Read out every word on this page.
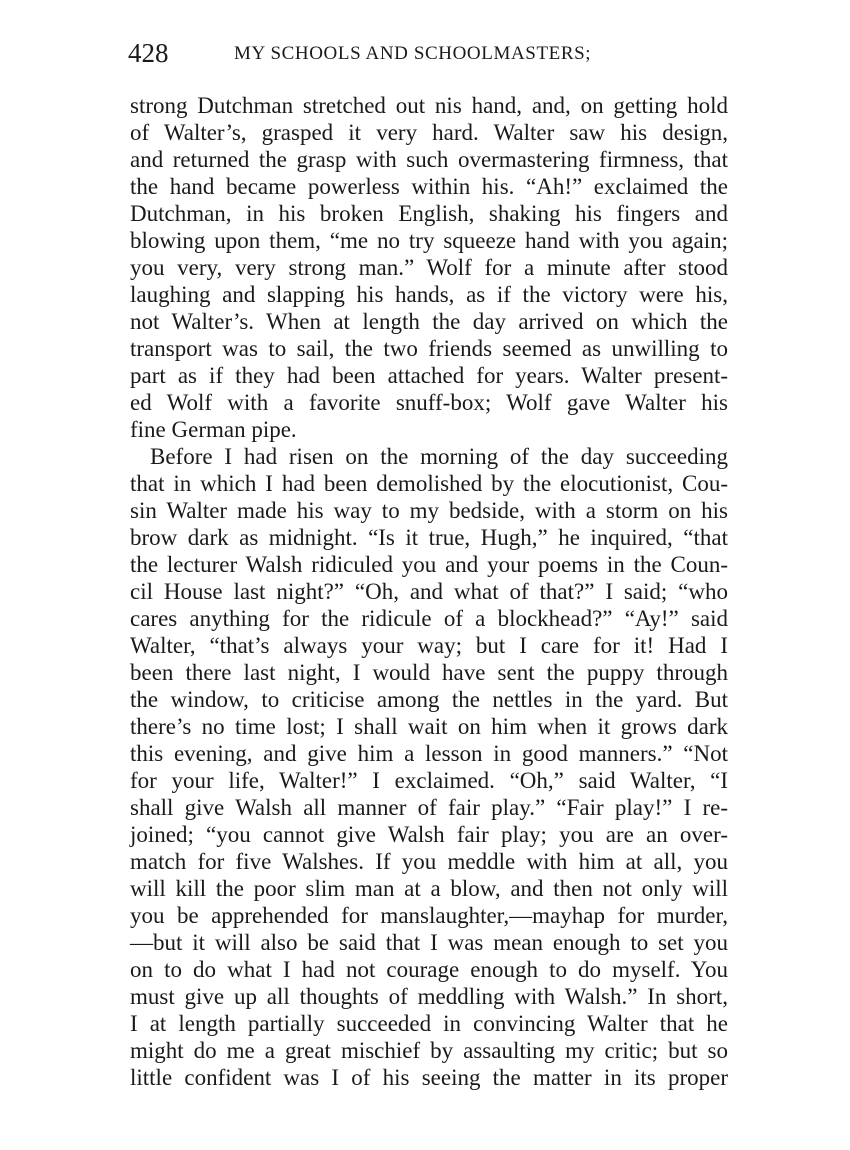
428	MY SCHOOLS AND SCHOOLMASTERS;
strong Dutchman stretched out nis hand, and, on getting hold
of Walter’s, grasped it very hard. Walter saw his design,
and returned the grasp with such overmastering firmness, that
the hand became powerless within his. “Ah!” exclaimed the
Dutchman, in his broken English, shaking his fingers and
blowing upon them, “me no try squeeze hand with you again;
you very, very strong man.” Wolf for a minute after stood
laughing and slapping his hands, as if the victory were his,
not Walter’s. When at length the day arrived on which the
transport was to sail, the two friends seemed as unwilling to
part as if they had been attached for years. Walter present-
ed Wolf with a favorite snuff-box; Wolf gave Walter his
fine German pipe.
Before I had risen on the morning of the day succeeding
that in which I had been demolished by the elocutionist, Cou-
sin Walter made his way to my bedside, with a storm on his
brow dark as midnight. “Is it true, Hugh,” he inquired, “that
the lecturer Walsh ridiculed you and your poems in the Coun-
cil House last night?” “Oh, and what of that?” I said; “who
cares anything for the ridicule of a blockhead?” “Ay!” said
Walter, “that’s always your way; but I care for it! Had I
been there last night, I would have sent the puppy through
the window, to criticise among the nettles in the yard. But
there’s no time lost; I shall wait on him when it grows dark
this evening, and give him a lesson in good manners.” “Not
for your life, Walter!” I exclaimed. “Oh,” said Walter, “I
shall give Walsh all manner of fair play.” “Fair play!” I re-
joined; “you cannot give Walsh fair play; you are an over-
match for five Walshes. If you meddle with him at all, you
will kill the poor slim man at a blow, and then not only will
you be apprehended for manslaughter,—mayhap for murder,
—but it will also be said that I was mean enough to set you
on to do what I had not courage enough to do myself. You
must give up all thoughts of meddling with Walsh.” In short,
I at length partially succeeded in convincing Walter that he
might do me a great mischief by assaulting my critic; but so
little confident was I of his seeing the matter in its proper
